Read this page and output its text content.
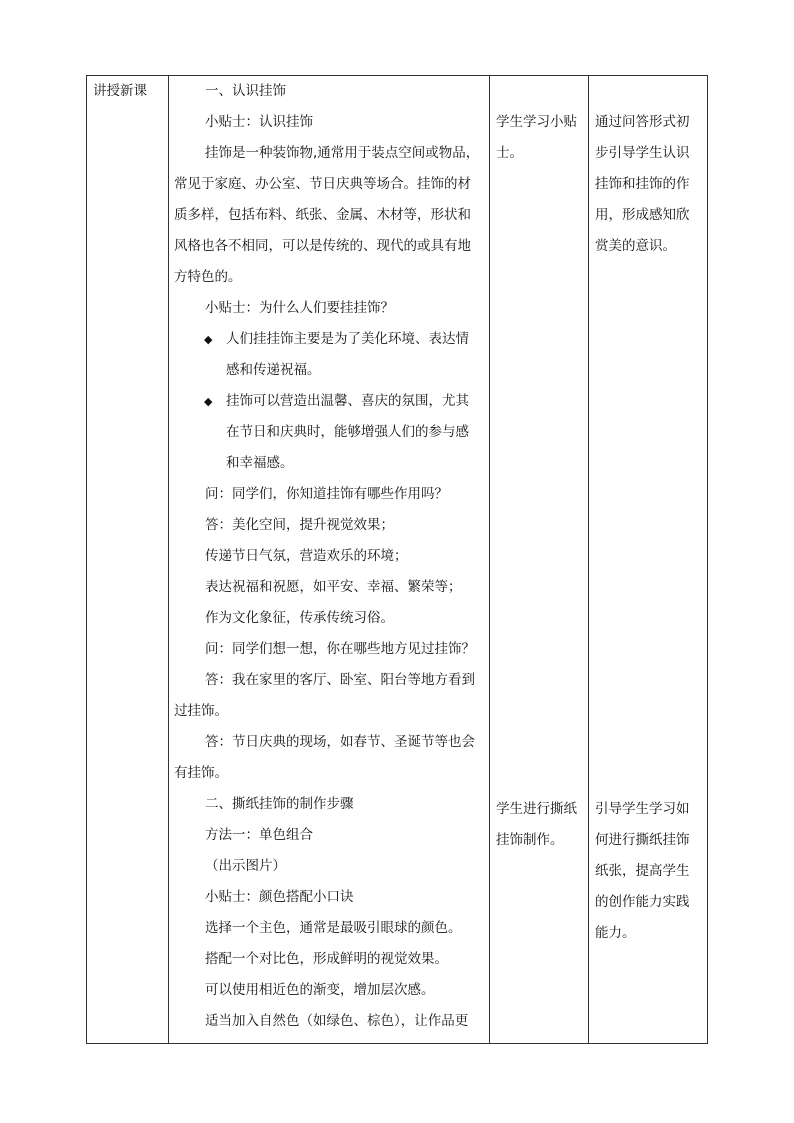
讲授新课	一、认识挂饰
小贴士：认识挂饰
挂饰是一种装饰物,通常用于装点空间或物品，
常见于家庭、办公室、节日庆典等场合。挂饰的材
质多样，包括布料、纸张、金属、木材等，形状和
风格也各不相同，可以是传统的、现代的或具有地
方特色的。
小贴士：为什么人们要挂挂饰？
◆ 人们挂挂饰主要是为了美化环境、表达情
感和传递祝福。
◆ 挂饰可以营造出温馨、喜庆的氛围，尤其
在节日和庆典时，能够增强人们的参与感
和幸福感。
问：同学们，你知道挂饰有哪些作用吗？
答：美化空间，提升视觉效果；
传递节日气氛，营造欢乐的环境；
表达祝福和祝愿，如平安、幸福、繁荣等；
作为文化象征，传承传统习俗。
问：同学们想一想，你在哪些地方见过挂饰？
答：我在家里的客厅、卧室、阳台等地方看到
过挂饰。
答：节日庆典的现场，如春节、圣诞节等也会
有挂饰。
二、撕纸挂饰的制作步骤
方法一：单色组合
（出示图片）
小贴士：颜色搭配小口诀
选择一个主色，通常是最吸引眼球的颜色。
搭配一个对比色，形成鲜明的视觉效果。
可以使用相近色的渐变，增加层次感。
适当加入自然色（如绿色、棕色），让作品更
学生学习小贴
士。
学生进行撕纸
挂饰制作。
通过问答形式初
步引导学生认识
挂饰和挂饰的作
用，形成感知欣
赏美的意识。
引导学生学习如
何进行撕纸挂饰
纸张，提高学生
的创作能力实践
能力。
